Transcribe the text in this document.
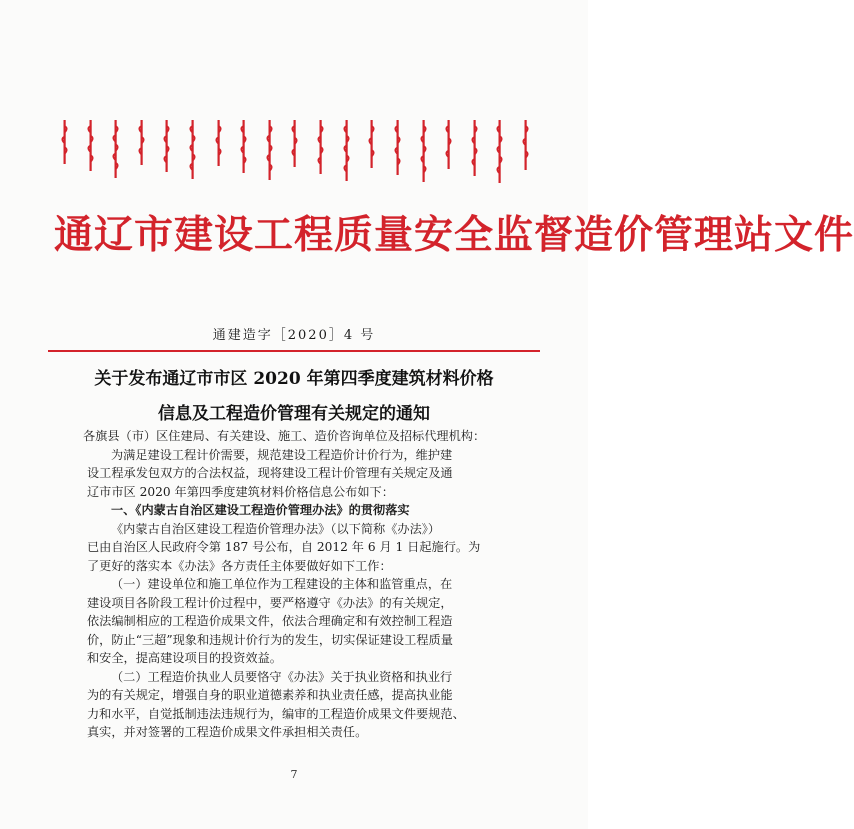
通辽市建设工程质量安全监督造价管理站文件
通建造字［2020］4 号
关于发布通辽市市区 2020 年第四季度建筑材料价格
信息及工程造价管理有关规定的通知

各旗县（市）区住建局、有关建设、施工、造价咨询单位及招标代理机构：

为满足建设工程计价需要，规范建设工程造价计价行为，维护建

设工程承发包双方的合法权益，现将建设工程计价管理有关规定及通

辽市市区 2020 年第四季度建筑材料价格信息公布如下：

一、《内蒙古自治区建设工程造价管理办法》的贯彻落实

《内蒙古自治区建设工程造价管理办法》（以下简称《办法》）

已由自治区人民政府令第 187 号公布，自 2012 年 6 月 1 日起施行。为

了更好的落实本《办法》各方责任主体要做好如下工作：

（一）建设单位和施工单位作为工程建设的主体和监管重点，在

建设项目各阶段工程计价过程中，要严格遵守《办法》的有关规定，

依法编制相应的工程造价成果文件，依法合理确定和有效控制工程造

价，防止“三超”现象和违规计价行为的发生，切实保证建设工程质量

和安全，提高建设项目的投资效益。

（二）工程造价执业人员要恪守《办法》关于执业资格和执业行

为的有关规定，增强自身的职业道德素养和执业责任感，提高执业能

力和水平，自觉抵制违法违规行为，编审的工程造价成果文件要规范、

真实，并对签署的工程造价成果文件承担相关责任。

7
